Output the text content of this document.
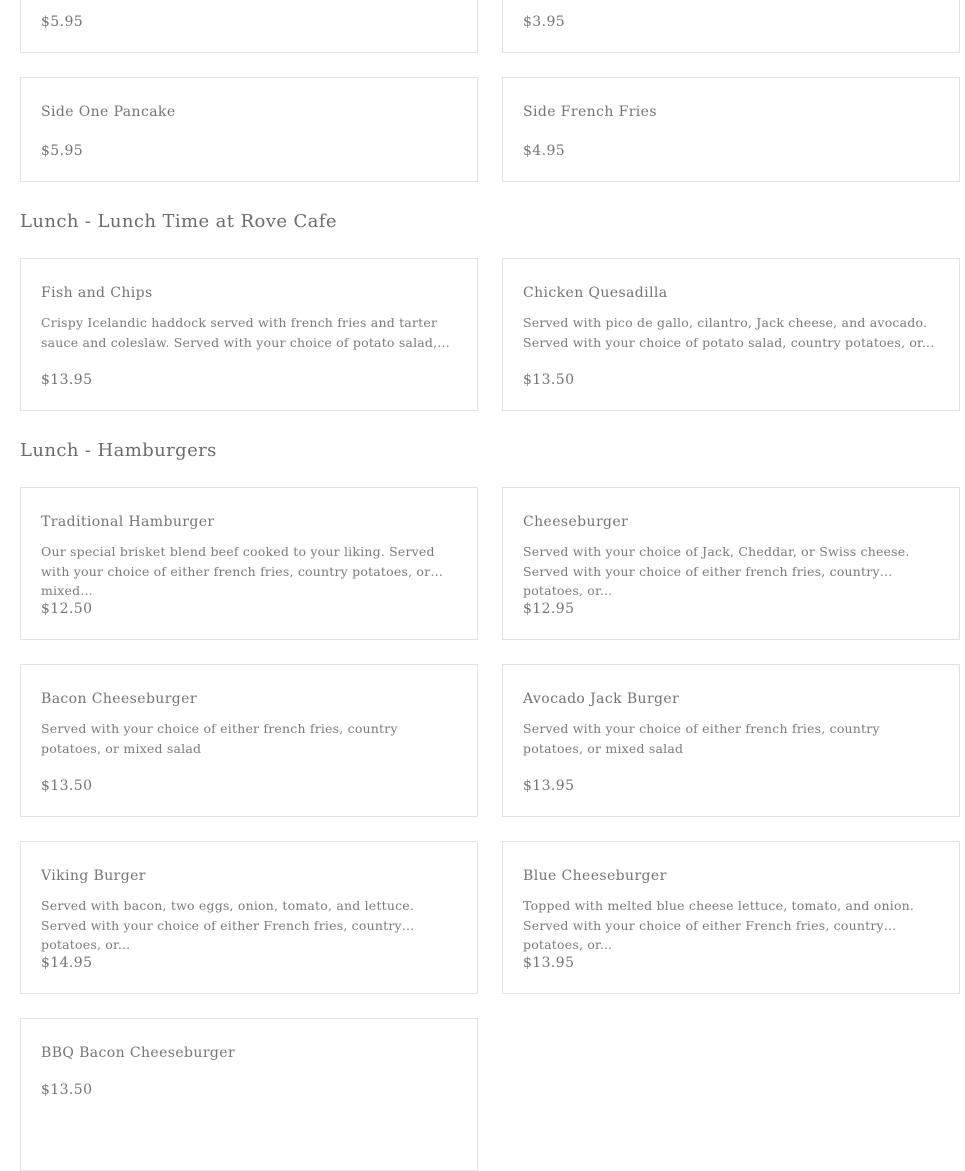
$5.95	$3.95

Side One Pancake

$5.95

Side French Fries

$4.95

Lunch - Lunch Time at Rove Cafe

Fish and Chips

Crispy Icelandic haddock served with french fries and tarter sauce and coleslaw. Served with your choice of potato salad,...

$13.95

Chicken Quesadilla

Served with pico de gallo, cilantro, Jack cheese, and avocado. Served with your choice of potato salad, country potatoes, or...

$13.50

Lunch - Hamburgers

Traditional Hamburger

Our special brisket blend beef cooked to your liking. Served with your choice of either french fries, country potatoes, or mixed...

$12.50

Cheeseburger

Served with your choice of Jack, Cheddar, or Swiss cheese. Served with your choice of either french fries, country potatoes, or...

$12.95

Bacon Cheeseburger

Served with your choice of either french fries, country potatoes, or mixed salad

$13.50

Avocado Jack Burger

Served with your choice of either french fries, country potatoes, or mixed salad

$13.95

Viking Burger

Served with bacon, two eggs, onion, tomato, and lettuce. Served with your choice of either French fries, country potatoes, or...

$14.95

Blue Cheeseburger

Topped with melted blue cheese lettuce, tomato, and onion. Served with your choice of either French fries, country potatoes, or...

$13.95

BBQ Bacon Cheeseburger

$13.50
